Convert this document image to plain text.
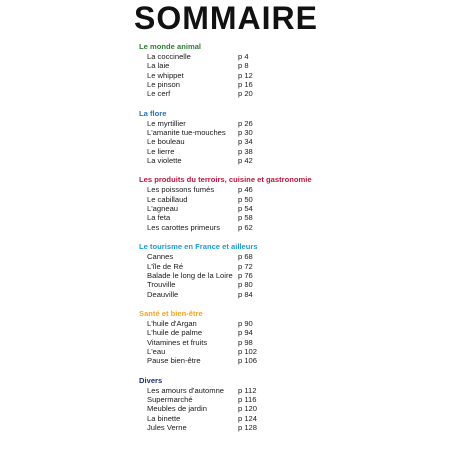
SOMMAIRE
Le monde animal
La coccinelle	p 4
La laie	p 8
Le whippet	p 12
Le pinson	p 16
Le cerf	p 20
La flore
Le myrtillier	p 26
L'amanite tue-mouches	p 30
Le bouleau	p 34
Le lierre	p 38
La violette	p 42
Les produits du terroirs, cuisine et gastronomie
Les poissons fumés	p 46
Le cabillaud	p 50
L'agneau	p 54
La feta	p 58
Les carottes primeurs	p 62
Le tourisme en France et ailleurs
Cannes	p 68
L'île de Ré	p 72
Balade le long de la Loire p 76
Trouville	p 80
Deauville	p 84
Santé et bien-être
L'huile d'Argan	p 90
L'huile de palme	p 94
Vitamines et fruits	p 98
L'eau	p 102
Pause bien-être	p 106
Divers
Les amours d'automne	p 112
Supermarché	p 116
Meubles de jardin	p 120
La binette	p 124
Jules Verne	p 128
